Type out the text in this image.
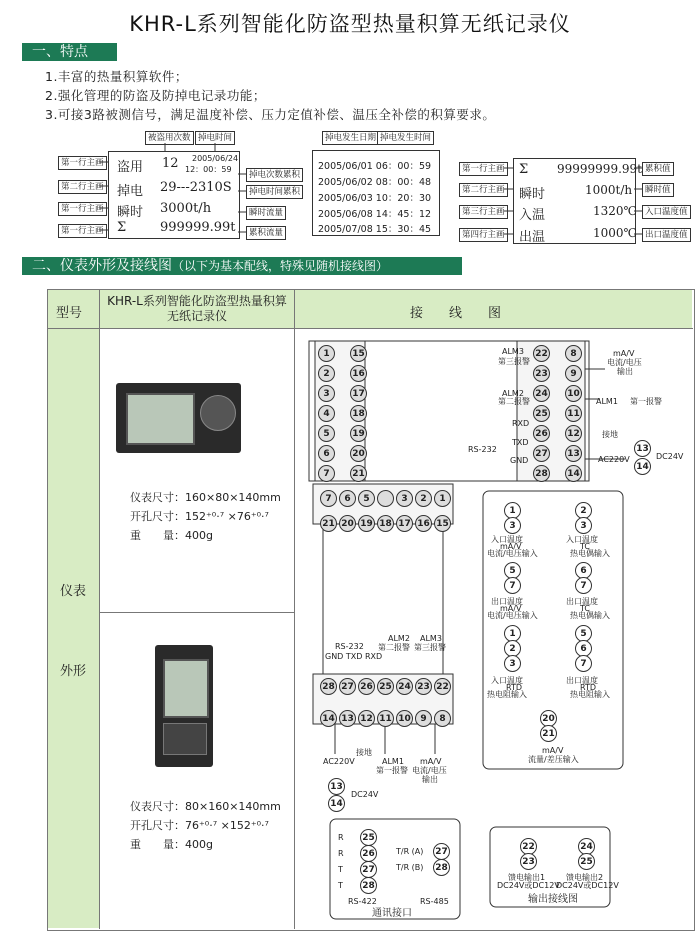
KHR-L系列智能化防盗型热量积算无纸记录仪
一、特点
1.丰富的热量积算软件；
2.强化管理的防盗及防掉电记录功能；
3.可接3路被测信号，满足温度补偿、压力定值补偿、温压全补偿的积算要求。
被盗用次数 掉电时间
第一行主画
第二行主画
第一行主画
第一行主画
盗用 12 2005/06/24
12：00：59
掉电 29---2310S
瞬时 3000t/h
Σ	999999.99t
掉电次数累积
掉电时间累积
瞬时流量
累积流量
掉电发生日期 掉电发生时间
2005/06/01 06：00：59
2005/06/02 08：00：48
2005/06/03 10：20：30
2005/06/08 14：45：12
2005/07/08 15：30：45
第一行主画
第二行主画
第三行主画
第四行主画
Σ 99999999.99t
瞬时	1000t/h
入温	1320℃
出温	1000℃
累积值
瞬时值
入口温度值
出口温度值
二、仪表外形及接线图（以下为基本配线，特殊见随机接线图）
型号
KHR-L系列智能化防盗型热量积算无纸记录仪	接　　线　　图
仪表
外形
仪表尺寸：160×80×140mm
开孔尺寸：152⁺⁰·⁷ ×76⁺⁰·⁷
重　　量：400g
仪表尺寸：80×160×140mm
开孔尺寸：76⁺⁰·⁷ ×152⁺⁰·⁷
重　　量：400g
1
2
3
4
5
6
7
15
16
17
18
19
20
21
22
23
24
25
26
27
28
8
9
10
11
12
13
14
13
14
第三报警
ALM3
第二报警
ALM2
ALM1 第一报警
mA/V
电流/电压
输出
RXD
TXD
GND
RS-232
接地
AC220V	DC24V
7	6	5	3	2	1
21 20 19 18 17 16 15
28 27 26 25 24 23 22
14 13 12 11 10	9	8
RS-232
GND TXD RXD
ALM2
第二报警
ALM3
第三报警
AC220V
接地
ALM1
第一报警
mA/V
电流/电压
输出
13
14
DC24V
1
3
入口温度
mA/V
电流/电压输入
2
3
入口温度
TC
热电偶输入
5
7
出口温度
mA/V
电流/电压输入
6
7
出口温度
TC
热电偶输入
1
2
3
入口温度
RTD
热电阻输入
5
6
7
出口温度
RTD
热电阻输入
20
21
mA/V
流量/差压输入
25
26
27
28
R
R
T
T
27
28
T/R (A)
T/R (B)
RS-422	RS-485
通讯接口
22
23
24
25
馈电输出1
DC24V或DC12V
馈电输出2
DC24V或DC12V
输出接线图
